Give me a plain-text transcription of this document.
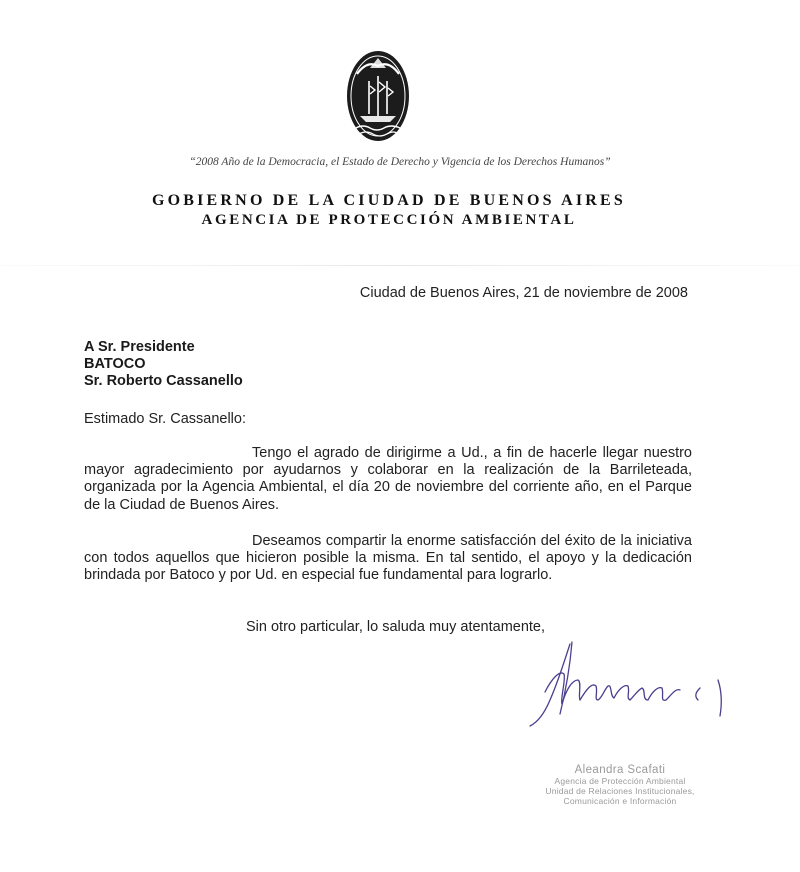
“2008 Año de la Democracia, el Estado de Derecho y Vigencia de los Derechos Humanos”
GOBIERNO DE LA CIUDAD DE BUENOS AIRES
AGENCIA DE PROTECCIÓN AMBIENTAL
Ciudad de Buenos Aires, 21 de noviembre de 2008
A Sr. Presidente
BATOCO
Sr. Roberto Cassanello
Estimado Sr. Cassanello:
Tengo el agrado de dirigirme a Ud., a fin de hacerle llegar nuestro mayor agradecimiento por ayudarnos y colaborar en la realización de la Barrileteada, organizada por la Agencia Ambiental, el día 20 de noviembre del corriente año, en el Parque de la Ciudad de Buenos Aires.
Deseamos compartir la enorme satisfacción del éxito de la iniciativa con todos aquellos que hicieron posible la misma. En tal sentido, el apoyo y la dedicación brindada por Batoco y por Ud. en especial fue fundamental para lograrlo.
Sin otro particular, lo saluda muy atentamente,
Aleandra Scafati
Agencia de Protección Ambiental
Unidad de Relaciones Institucionales,
Comunicación e Información
